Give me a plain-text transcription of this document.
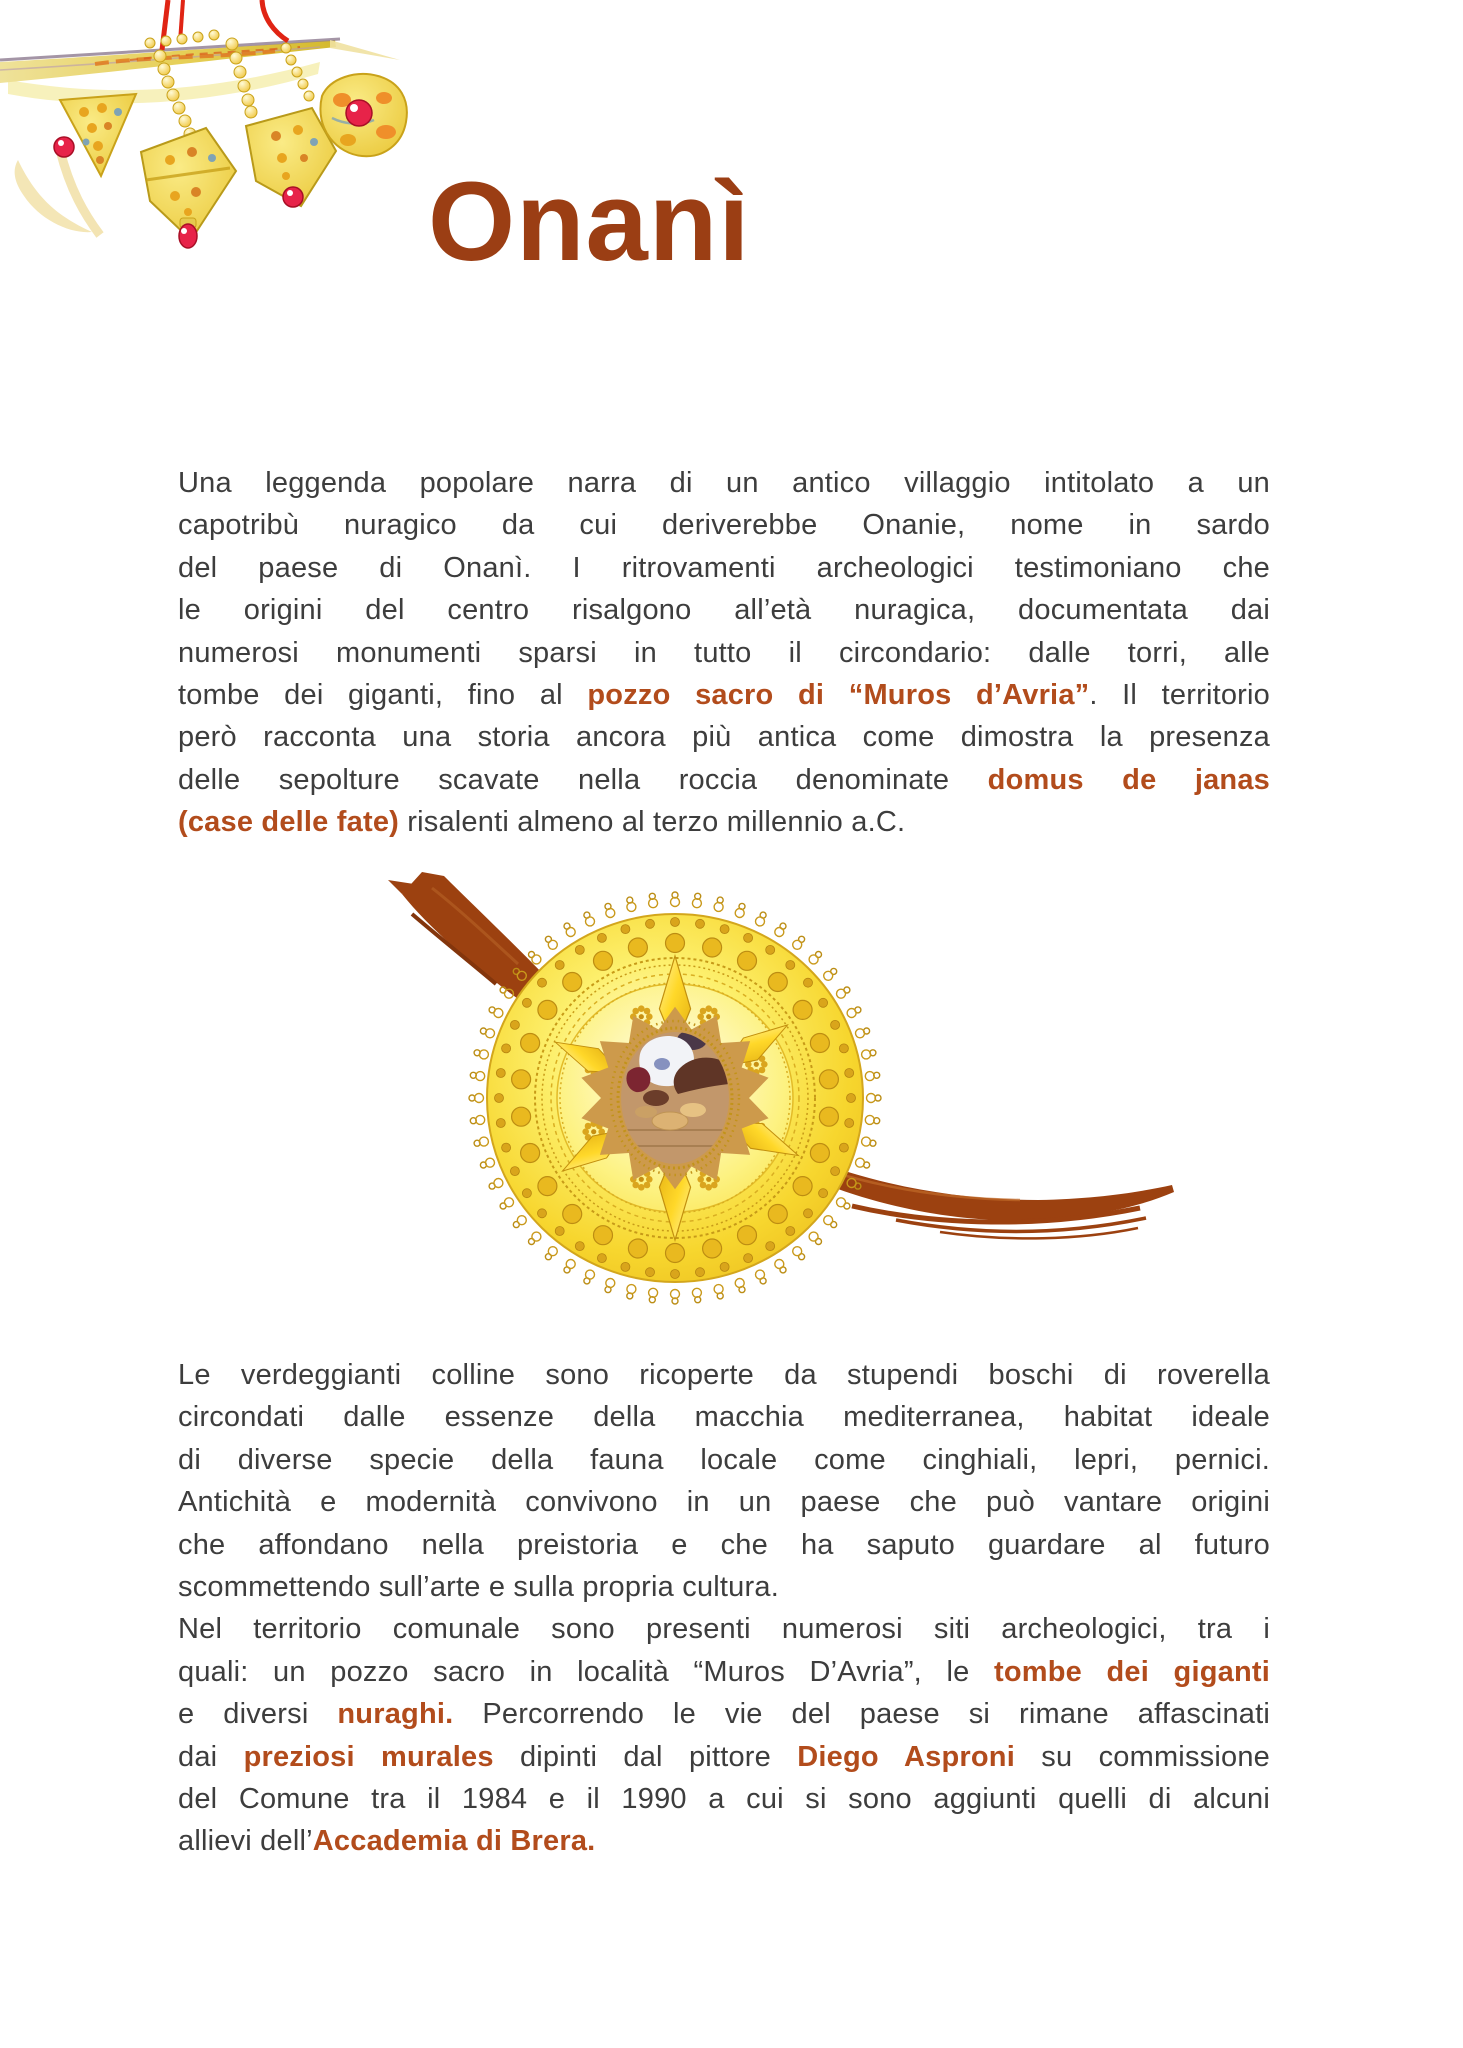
Onanì
Una leggenda popolare narra di un antico villaggio intitolato a un
capotribù nuragico da cui deriverebbe Onanie, nome in sardo
del paese di Onanì. I ritrovamenti archeologici testimoniano che
le origini del centro risalgono all’età nuragica, documentata dai
numerosi monumenti sparsi in tutto il circondario: dalle torri, alle
tombe dei giganti, fino al pozzo sacro di “Muros d’Avria”. Il territorio
però racconta una storia ancora più antica come dimostra la presenza
delle sepolture scavate nella roccia denominate domus de janas
(case delle fate) risalenti almeno al terzo millennio a.C.
Le verdeggianti colline sono ricoperte da stupendi boschi di roverella
circondati dalle essenze della macchia mediterranea, habitat ideale
di diverse specie della fauna locale come cinghiali, lepri, pernici.
Antichità e modernità convivono in un paese che può vantare origini
che affondano nella preistoria e che ha saputo guardare al futuro
scommettendo sull’arte e sulla propria cultura.
Nel territorio comunale sono presenti numerosi siti archeologici, tra i
quali: un pozzo sacro in località “Muros D’Avria”, le tombe dei giganti
e diversi nuraghi. Percorrendo le vie del paese si rimane affascinati
dai preziosi murales dipinti dal pittore Diego Asproni su commissione
del Comune tra il 1984 e il 1990 a cui si sono aggiunti quelli di alcuni
allievi dell’Accademia di Brera.
